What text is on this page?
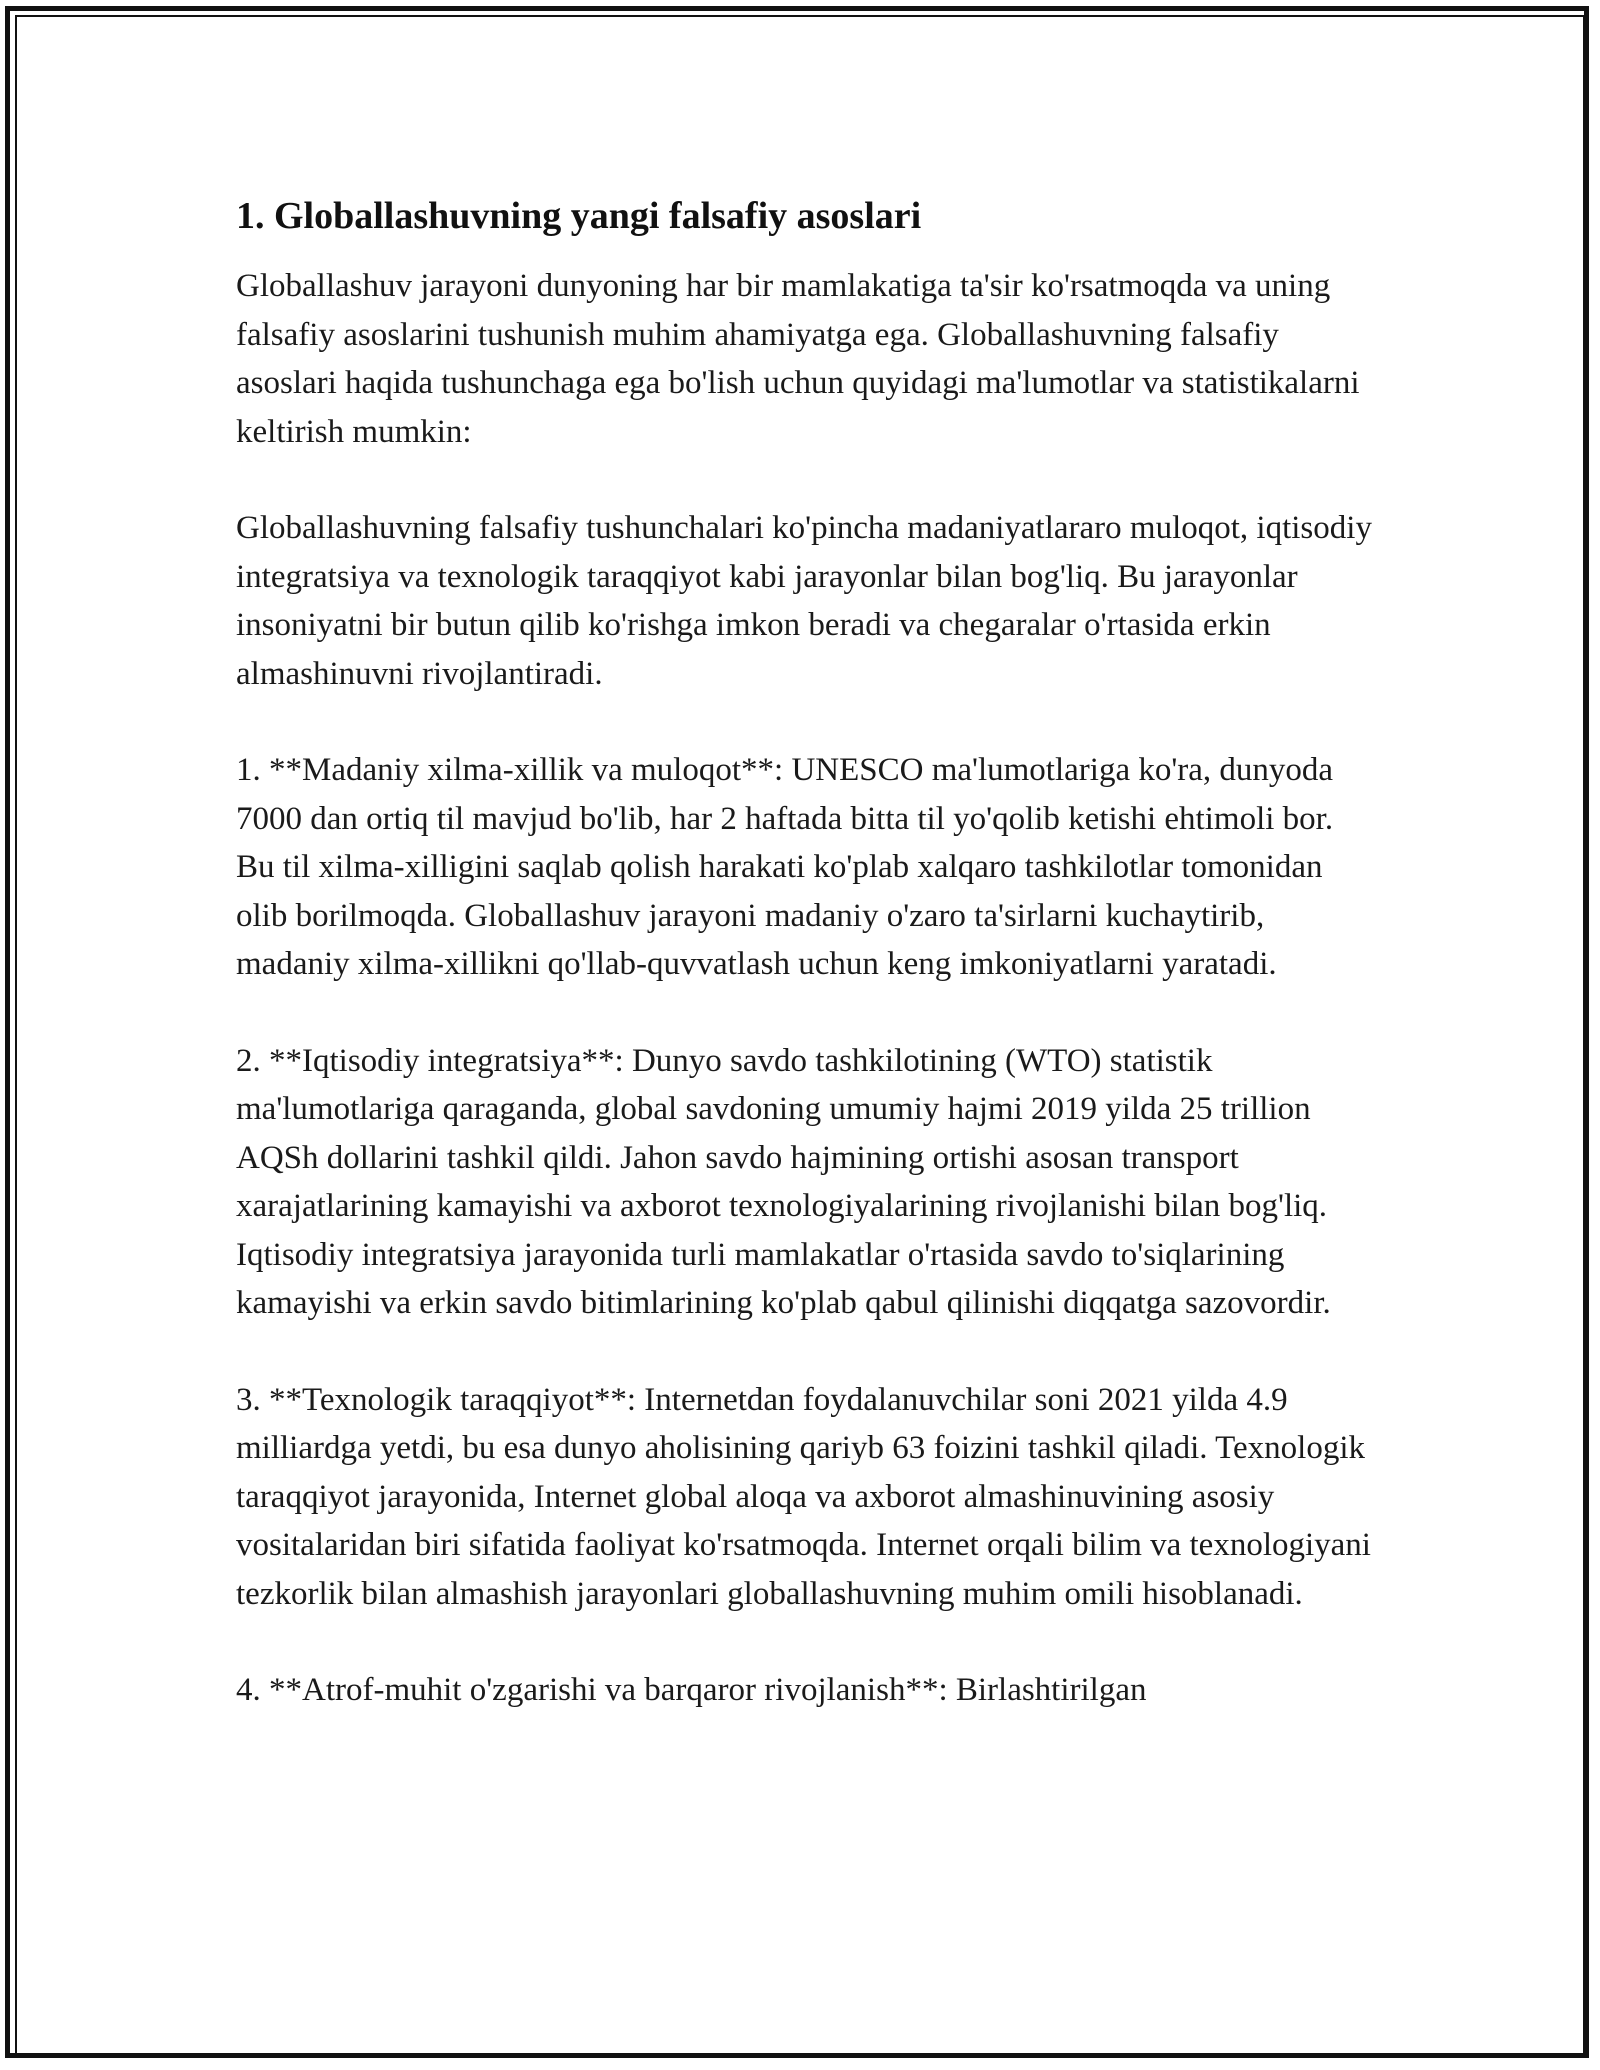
1. Globallashuvning yangi falsafiy asoslari

Globallashuv jarayoni dunyoning har bir mamlakatiga ta'sir ko'rsatmoqda va uning falsafiy asoslarini tushunish muhim ahamiyatga ega. Globallashuvning falsafiy asoslari haqida tushunchaga ega bo'lish uchun quyidagi ma'lumotlar va statistikalarni keltirish mumkin:

Globallashuvning falsafiy tushunchalari ko'pincha madaniyatlararo muloqot, iqtisodiy integratsiya va texnologik taraqqiyot kabi jarayonlar bilan bog'liq. Bu jarayonlar insoniyatni bir butun qilib ko'rishga imkon beradi va chegaralar o'rtasida erkin almashinuvni rivojlantiradi.

1. **Madaniy xilma-xillik va muloqot**: UNESCO ma'lumotlariga ko'ra, dunyoda 7000 dan ortiq til mavjud bo'lib, har 2 haftada bitta til yo'qolib ketishi ehtimoli bor. Bu til xilma-xilligini saqlab qolish harakati ko'plab xalqaro tashkilotlar tomonidan olib borilmoqda. Globallashuv jarayoni madaniy o'zaro ta'sirlarni kuchaytirib, madaniy xilma-xillikni qo'llab-quvvatlash uchun keng imkoniyatlarni yaratadi.

2. **Iqtisodiy integratsiya**: Dunyo savdo tashkilotining (WTO) statistik ma'lumotlariga qaraganda, global savdoning umumiy hajmi 2019 yilda 25 trillion AQSh dollarini tashkil qildi. Jahon savdo hajmining ortishi asosan transport xarajatlarining kamayishi va axborot texnologiyalarining rivojlanishi bilan bog'liq. Iqtisodiy integratsiya jarayonida turli mamlakatlar o'rtasida savdo to'siqlarining kamayishi va erkin savdo bitimlarining ko'plab qabul qilinishi diqqatga sazovordir.

3. **Texnologik taraqqiyot**: Internetdan foydalanuvchilar soni 2021 yilda 4.9 milliardga yetdi, bu esa dunyo aholisining qariyb 63 foizini tashkil qiladi. Texnologik taraqqiyot jarayonida, Internet global aloqa va axborot almashinuvining asosiy vositalaridan biri sifatida faoliyat ko'rsatmoqda. Internet orqali bilim va texnologiyani tezkorlik bilan almashish jarayonlari globallashuvning muhim omili hisoblanadi.

4. **Atrof-muhit o'zgarishi va barqaror rivojlanish**: Birlashtirilgan
